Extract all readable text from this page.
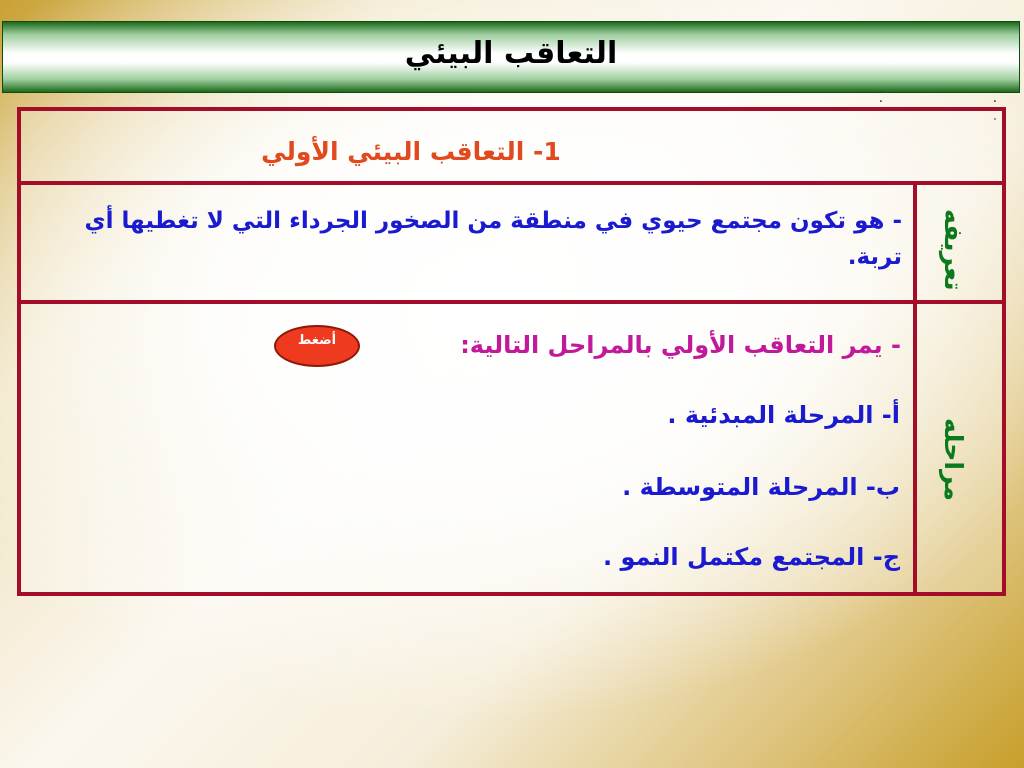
التعاقب البيئي
. . .	. . . .
1- التعاقب البيئي الأولي
تعريفه
مراحله
- هو تكون مجتمع حيوي في منطقة من الصخور الجرداء التي لا تغطيها أي تربة.
- يمر التعاقب الأولي بالمراحل التالية:
أضغط
أ- المرحلة المبدئية .
ب- المرحلة المتوسطة .
ج- المجتمع مكتمل النمو .
